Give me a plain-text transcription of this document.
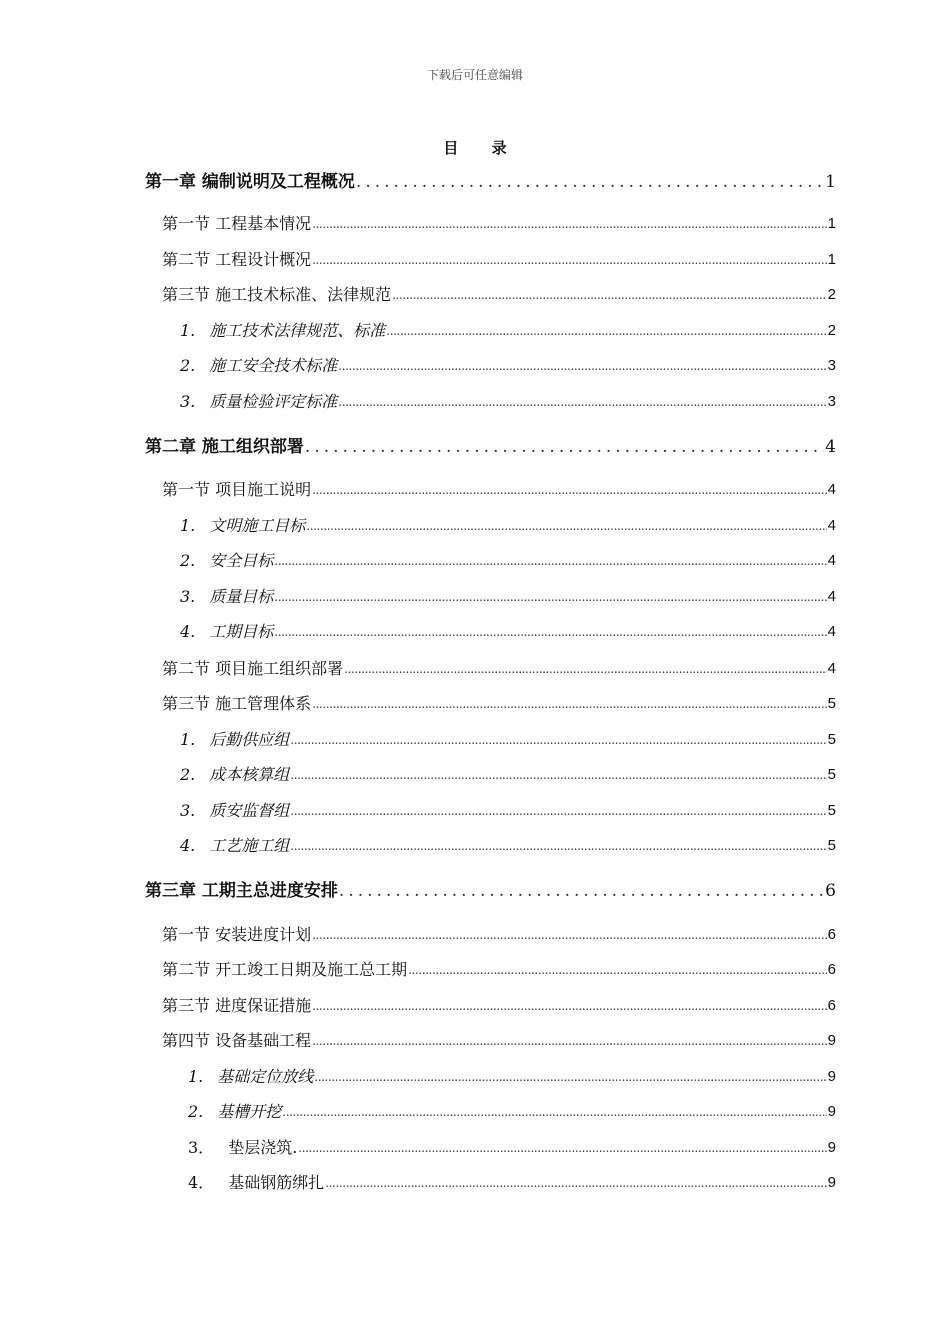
下载后可任意编辑
目 录
第一章 编制说明及工程概况 .....	1
第一节 工程基本情况 .....	1
第二节 工程设计概况 .....	1
第三节 施工技术标准、法律规范 .....	2
1. 施工技术法律规范、标准 .....	2
2. 施工安全技术标准 .....	3
3. 质量检验评定标准 .....	3
第二章 施工组织部署 .....	4
第一节 项目施工说明 .....	4
1. 文明施工目标 .....	4
2. 安全目标 .....	4
3. 质量目标 .....	4
4. 工期目标 .....	4
第二节 项目施工组织部署 .....	4
第三节 施工管理体系 .....	5
1. 后勤供应组 .....	5
2. 成本核算组 .....	5
3. 质安监督组 .....	5
4. 工艺施工组 .....	5
第三章 工期主总进度安排 .....	6
第一节 安装进度计划 .....	6
第二节 开工竣工日期及施工总工期 .....	6
第三节 进度保证措施 .....	6
第四节 设备基础工程 .....	9
1. 基础定位放线 .....	9
2. 基槽开挖 .....	9
3． 垫层浇筑. .....	9
4． 基础钢筋绑扎 .....	9
